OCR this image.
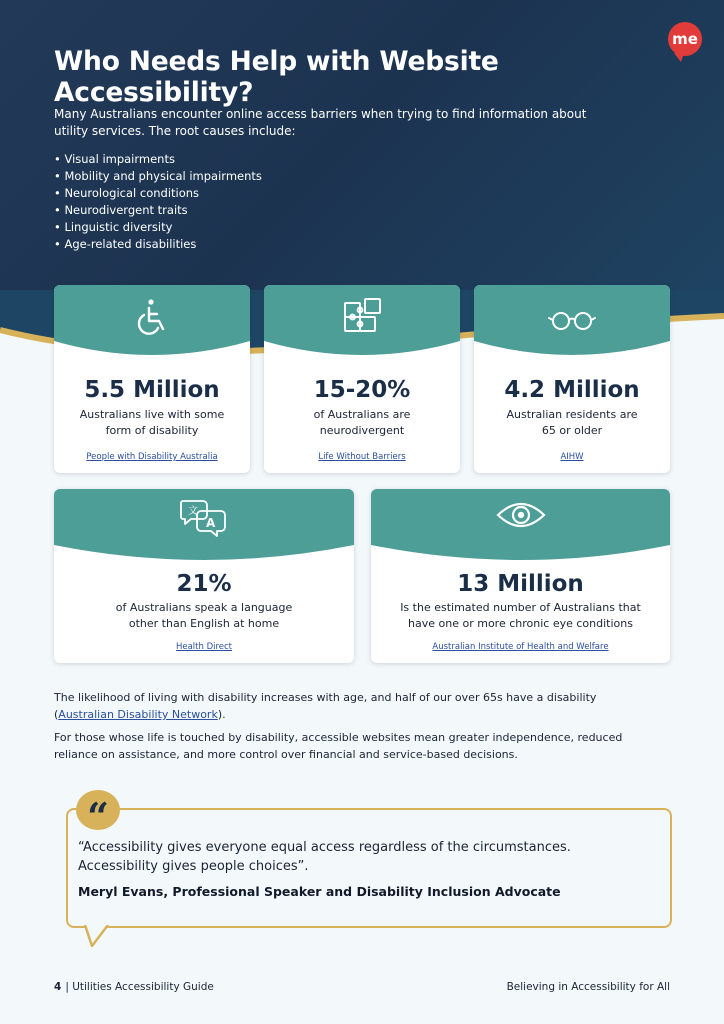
me
Who Needs Help with Website Accessibility?

Many Australians encounter online access barriers when trying to find information about utility services. The root causes include:

• Visual impairments
• Mobility and physical impairments
• Neurological conditions
• Neurodivergent traits
• Linguistic diversity
• Age-related disabilities
5.5 Million
Australians live with some
form of disability
People with Disability Australia
15-20%
of Australians are
neurodivergent
Life Without Barriers
4.2 Million
Australian residents are
65 or older
AIHW
文
A
21%
of Australians speak a language
other than English at home
Health Direct
13 Million
Is the estimated number of Australians that
have one or more chronic eye conditions
Australian Institute of Health and Welfare

The likelihood of living with disability increases with age, and half of our over 65s have a disability (Australian Disability Network).

For those whose life is touched by disability, accessible websites mean greater independence, reduced reliance on assistance, and more control over financial and service-based decisions.

“

“Accessibility gives everyone equal access regardless of the circumstances. Accessibility gives people choices”.

Meryl Evans, Professional Speaker and Disability Inclusion Advocate

4 | Utilities Accessibility Guide	Believing in Accessibility for All
